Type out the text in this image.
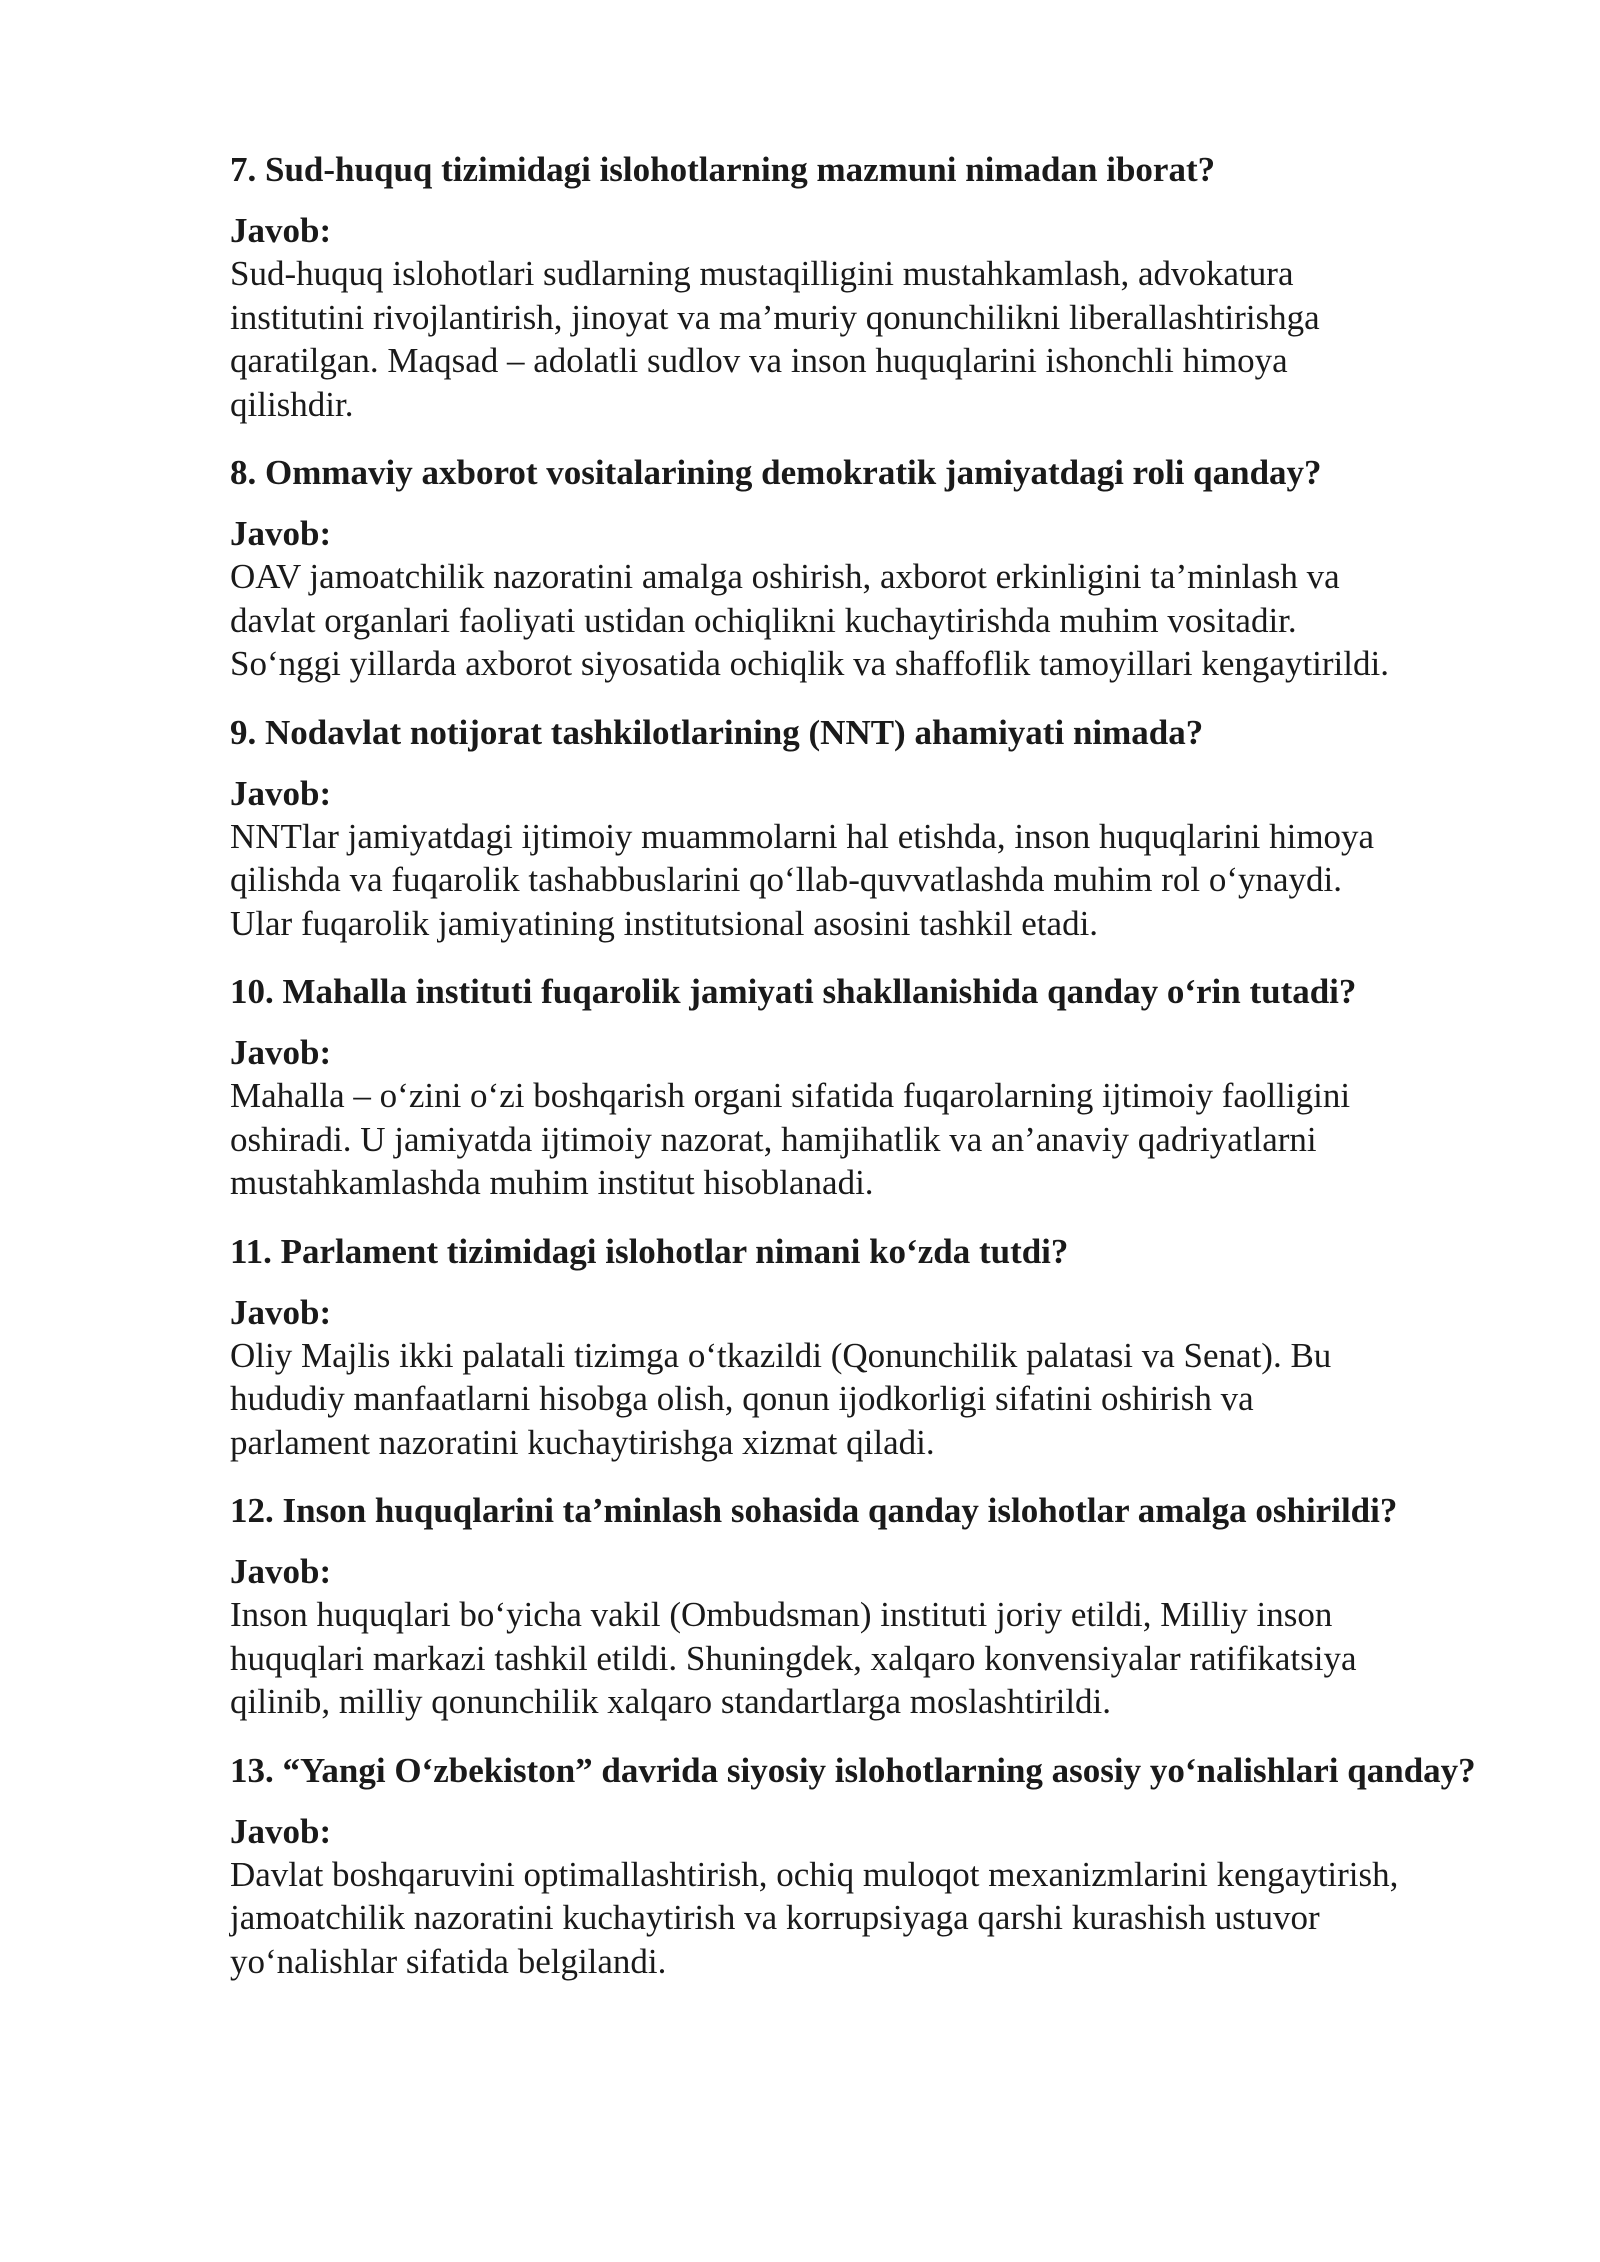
7. Sud-huquq tizimidagi islohotlarning mazmuni nimadan iborat?

Javob:

Sud-huquq islohotlari sudlarning mustaqilligini mustahkamlash, advokatura
institutini rivojlantirish, jinoyat va ma’muriy qonunchilikni liberallashtirishga
qaratilgan. Maqsad – adolatli sudlov va inson huquqlarini ishonchli himoya
qilishdir.

8. Ommaviy axborot vositalarining demokratik jamiyatdagi roli qanday?

Javob:

OAV jamoatchilik nazoratini amalga oshirish, axborot erkinligini ta’minlash va
davlat organlari faoliyati ustidan ochiqlikni kuchaytirishda muhim vositadir.
So‘nggi yillarda axborot siyosatida ochiqlik va shaffoflik tamoyillari kengaytirildi.

9. Nodavlat notijorat tashkilotlarining (NNT) ahamiyati nimada?

Javob:

NNTlar jamiyatdagi ijtimoiy muammolarni hal etishda, inson huquqlarini himoya
qilishda va fuqarolik tashabbuslarini qo‘llab-quvvatlashda muhim rol o‘ynaydi.
Ular fuqarolik jamiyatining institutsional asosini tashkil etadi.

10. Mahalla instituti fuqarolik jamiyati shakllanishida qanday o‘rin tutadi?

Javob:

Mahalla – o‘zini o‘zi boshqarish organi sifatida fuqarolarning ijtimoiy faolligini
oshiradi. U jamiyatda ijtimoiy nazorat, hamjihatlik va an’anaviy qadriyatlarni
mustahkamlashda muhim institut hisoblanadi.

11. Parlament tizimidagi islohotlar nimani ko‘zda tutdi?

Javob:

Oliy Majlis ikki palatali tizimga o‘tkazildi (Qonunchilik palatasi va Senat). Bu
hududiy manfaatlarni hisobga olish, qonun ijodkorligi sifatini oshirish va
parlament nazoratini kuchaytirishga xizmat qiladi.

12. Inson huquqlarini ta’minlash sohasida qanday islohotlar amalga oshirildi?

Javob:

Inson huquqlari bo‘yicha vakil (Ombudsman) instituti joriy etildi, Milliy inson
huquqlari markazi tashkil etildi. Shuningdek, xalqaro konvensiyalar ratifikatsiya
qilinib, milliy qonunchilik xalqaro standartlarga moslashtirildi.

13. “Yangi O‘zbekiston” davrida siyosiy islohotlarning asosiy yo‘nalishlari qanday?

Javob:

Davlat boshqaruvini optimallashtirish, ochiq muloqot mexanizmlarini kengaytirish,
jamoatchilik nazoratini kuchaytirish va korrupsiyaga qarshi kurashish ustuvor
yo‘nalishlar sifatida belgilandi.
